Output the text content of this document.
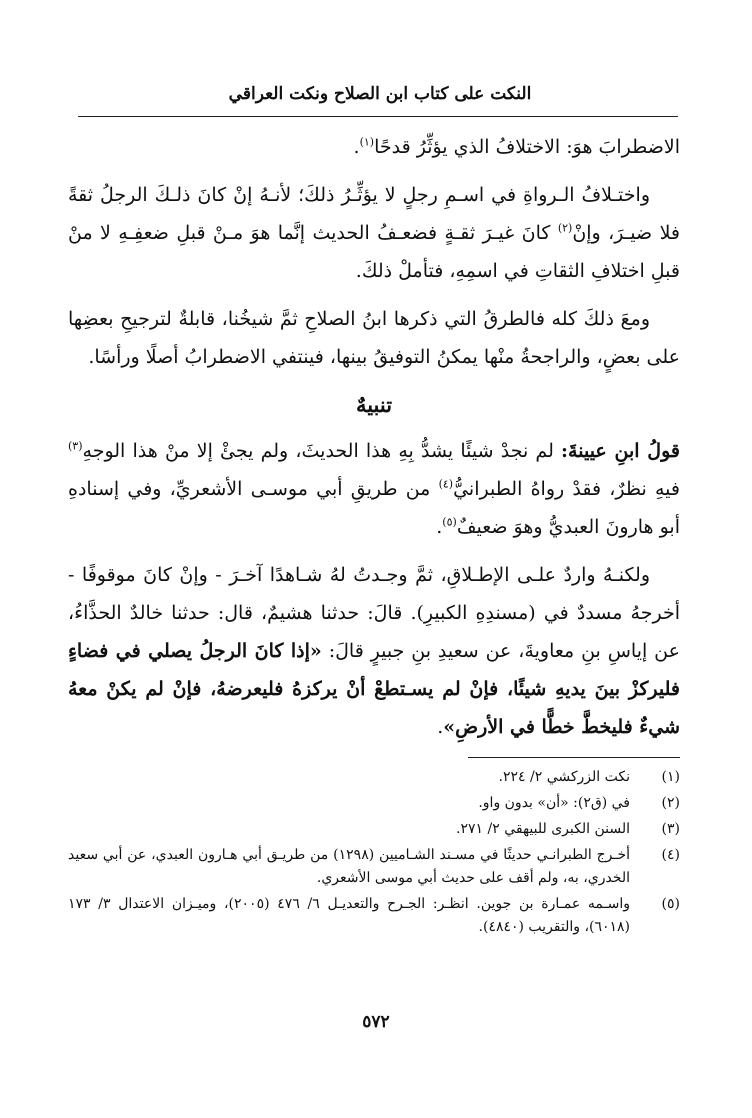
النكت على كتاب ابن الصلاح ونكت العراقي

الاضطرابَ هوَ: الاختلافُ الذي يؤثِّرُ قدحًا$^{(١)}$.

واختـلافُ الـرواةِ في اسـمِ رجلٍ لا يؤثِّـرُ ذلكَ؛ لأنـهُ إنْ كانَ ذلـكَ الرجلُ ثقةً فلا ضيـرَ، وإنْ$^{(٢)}$ كانَ غيـرَ ثقـةٍ فضعـفُ الحديث إنَّما هوَ مـنْ قبلِ ضعفِـهِ لا منْ قبلِ اختلافِ الثقاتِ في اسمِهِ، فتأملْ ذلكَ.

ومعَ ذلكَ كله فالطرقُ التي ذكرها ابنُ الصلاحِ ثمَّ شيخُنا، قابلةٌ لترجيحِ بعضِها على بعضٍ، والراجحةُ منْها يمكنُ التوفيقُ بينها، فينتفي الاضطرابُ أصلًا ورأسًا.

تنبيهٌ

قولُ ابنِ عيينةَ: لم نجدْ شيئًا يشدُّ بِهِ هذا الحديثَ، ولم يجئْ إلا منْ هذا الوجهِ$^{(٣)}$ فيهِ نظرٌ، فقدْ رواهُ الطبرانيُّ$^{(٤)}$ من طريقِ أبي موسـى الأشعريِّ، وفي إسنادهِ أبو هارونَ العبديُّ وهوَ ضعيفٌ$^{(٥)}$.

ولكنـهُ واردٌ علـى الإطـلاقِ، ثمَّ وجـدتُ لهُ شـاهدًا آخـرَ - وإنْ كانَ موقوفًا - أخرجهُ مسددٌ في (مسندِهِ الكبيرِ). قالَ: حدثنا هشيمٌ، قال: حدثنا خالدٌ الحذَّاءُ، عن إياسِ بنِ معاويةَ، عن سعيدِ بنِ جبيرٍ قالَ: «إذا كانَ الرجلُ يصلي في فضاءٍ فليركزْ بينَ يديهِ شيئًا، فإنْ لم يسـتطعْ أنْ يركزهُ فليعرضهُ، فإنْ لم يكنْ معهُ شيءٌ فليخطَّ خطًّا في الأرضِ».

(١)
نكت الزركشي ٢/ ٢٢٤.
(٢)
في (ق٢): «أن» بدون واو.
(٣)
السنن الكبرى للبيهقي ٢/ ٢٧١.
(٤)
أخـرج الطبرانـي حديثًا في مسـند الشـاميين (١٢٩٨) من طريـق أبي هـارون العبدي، عن أبي سعيد الخدري، به، ولم أقف على حديث أبي موسى الأشعري.
(٥)
واسـمه عمـارة بن جوين. انظـر: الجـرح والتعديـل ٦/ ٤٧٦ (٢٠٠٥)، وميـزان الاعتدال ٣/ ١٧٣ (٦٠١٨)، والتقريب (٤٨٤٠).
٥٧٢
